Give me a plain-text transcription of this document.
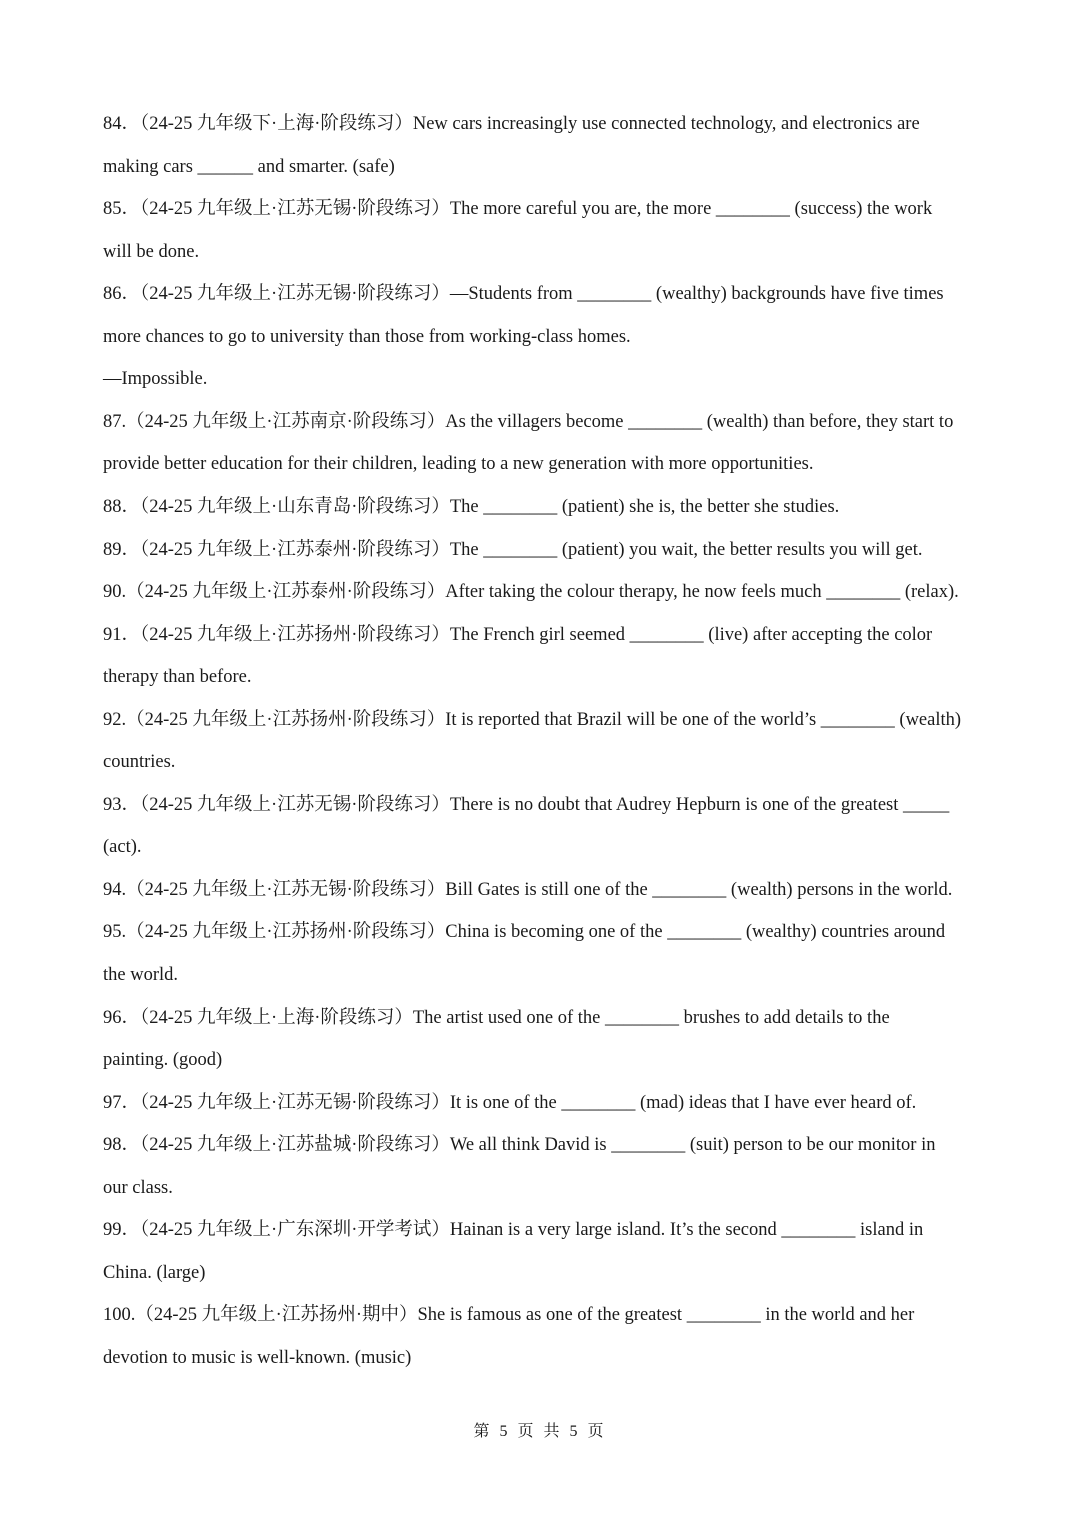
84．（24-25 九年级下·上海·阶段练习）New cars increasingly use connected technology, and electronics are
making cars ______ and smarter. (safe)
85．（24-25 九年级上·江苏无锡·阶段练习）The more careful you are, the more ________ (success) the work
will be done.
86．（24-25 九年级上·江苏无锡·阶段练习）—Students from ________ (wealthy) backgrounds have five times
more chances to go to university than those from working-class homes.
—Impossible.
87.（24-25 九年级上·江苏南京·阶段练习）As the villagers become ________ (wealth) than before, they start to
provide better education for their children, leading to a new generation with more opportunities.
88．（24-25 九年级上·山东青岛·阶段练习）The ________ (patient) she is, the better she studies.
89．（24-25 九年级上·江苏泰州·阶段练习）The ________ (patient) you wait, the better results you will get.
90.（24-25 九年级上·江苏泰州·阶段练习）After taking the colour therapy, he now feels much ________ (relax).
91．（24-25 九年级上·江苏扬州·阶段练习）The French girl seemed ________ (live) after accepting the color
therapy than before.
92.（24-25 九年级上·江苏扬州·阶段练习）It is reported that Brazil will be one of the world’s ________ (wealth)
countries.
93．（24-25 九年级上·江苏无锡·阶段练习）There is no doubt that Audrey Hepburn is one of the greatest _____
(act).
94.（24-25 九年级上·江苏无锡·阶段练习）Bill Gates is still one of the ________ (wealth) persons in the world.
95.（24-25 九年级上·江苏扬州·阶段练习）China is becoming one of the ________ (wealthy) countries around
the world.
96．（24-25 九年级上·上海·阶段练习）The artist used one of the ________ brushes to add details to the
painting. (good)
97．（24-25 九年级上·江苏无锡·阶段练习）It is one of the ________ (mad) ideas that I have ever heard of.
98．（24-25 九年级上·江苏盐城·阶段练习）We all think David is ________ (suit) person to be our monitor in
our class.
99．（24-25 九年级上·广东深圳·开学考试）Hainan is a very large island. It’s the second ________ island in
China. (large)
100.（24-25 九年级上·江苏扬州·期中）She is famous as one of the greatest ________ in the world and her
devotion to music is well-known. (music)
第 5 页 共 5 页
